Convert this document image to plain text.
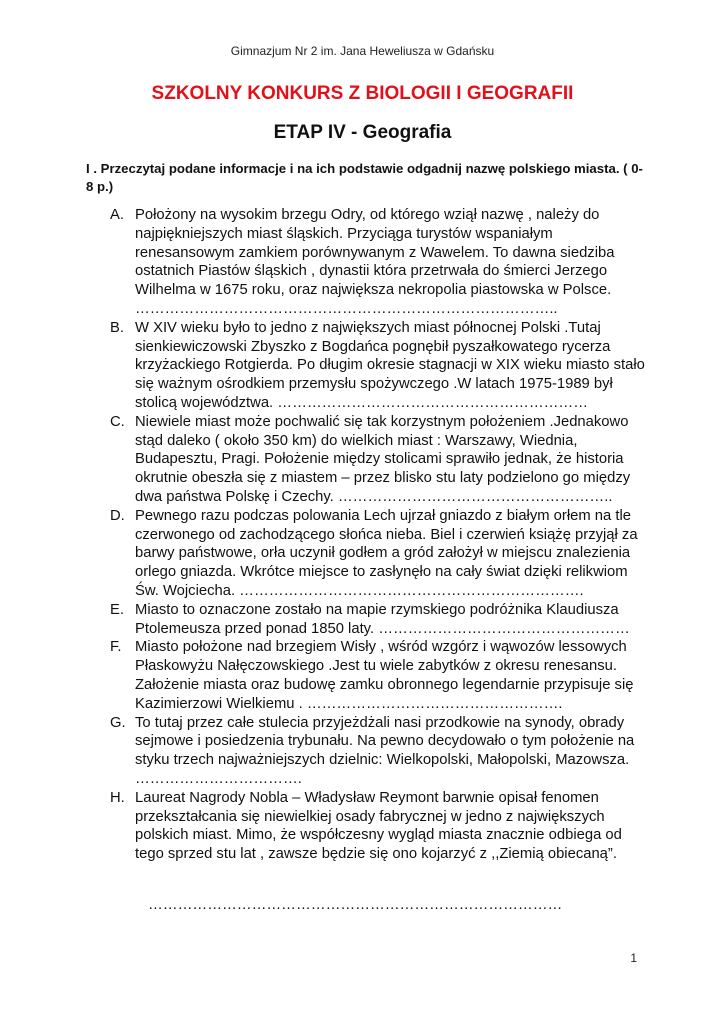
Gimnazjum Nr 2 im. Jana Heweliusza w Gdańsku
SZKOLNY KONKURS Z BIOLOGII I GEOGRAFII
ETAP IV - Geografia
I . Przeczytaj podane informacje i na ich podstawie odgadnij nazwę polskiego miasta. ( 0-8 p.)
A. Położony na wysokim brzegu Odry, od którego wziął nazwę , należy do najpiękniejszych miast śląskich. Przyciąga turystów wspaniałym renesansowym zamkiem porównywanym z Wawelem. To dawna siedziba ostatnich Piastów śląskich , dynastii która przetrwała do śmierci Jerzego Wilhelma w 1675 roku, oraz największa nekropolia piastowska w Polsce. …………………………………………………………………………..
B. W XIV wieku było to jedno z największych miast północnej Polski .Tutaj sienkiewiczowski Zbyszko z Bogdańca pognębił pyszałkowatego rycerza krzyżackiego Rotgierda. Po długim okresie stagnacji w XIX wieku miasto stało się ważnym ośrodkiem przemysłu spożywczego .W latach 1975-1989 był stolicą województwa. ………………………………………………………
C. Niewiele miast może pochwalić się tak korzystnym położeniem .Jednakowo stąd daleko ( około 350 km) do wielkich miast : Warszawy, Wiednia, Budapesztu, Pragi. Położenie między stolicami sprawiło jednak, że historia okrutnie obeszła się z miastem – przez blisko stu laty podzielono go między dwa państwa Polskę i Czechy. ………………………………………………..
D. Pewnego razu podczas polowania Lech ujrzał gniazdo z białym orłem na tle czerwonego od zachodzącego słońca nieba. Biel i czerwień książę przyjął za barwy państwowe, orła uczynił godłem a gród założył w miejscu znalezienia orlego gniazda. Wkrótce miejsce to zasłynęło na cały świat dzięki relikwiom Św. Wojciecha. …………………………………………………………….
E. Miasto to oznaczone zostało na mapie rzymskiego podróżnika Klaudiusza Ptolemeusza przed ponad 1850 laty. ……………………………………………
F. Miasto położone nad brzegiem Wisły , wśród wzgórz i wąwozów lessowych Płaskowyżu Nałęczowskiego .Jest tu wiele zabytków z okresu renesansu. Założenie miasta oraz budowę zamku obronnego legendarnie przypisuje się Kazimierzowi Wielkiemu . …………………………………………….
G. To tutaj przez całe stulecia przyjeżdżali nasi przodkowie na synody, obrady sejmowe i posiedzenia trybunału. Na pewno decydowało o tym położenie na styku trzech najważniejszych dzielnic: Wielkopolski, Małopolski, Mazowsza. …………………………….
H. Laureat Nagrody Nobla – Władysław Reymont barwnie opisał fenomen przekształcania się niewielkiej osady fabrycznej w jedno z największych polskich miast. Mimo, że współczesny wygląd miasta znacznie odbiega od tego sprzed stu lat , zawsze będzie się ono kojarzyć z ,,Ziemią obiecaną”.
…………………………………………………………………………
1
